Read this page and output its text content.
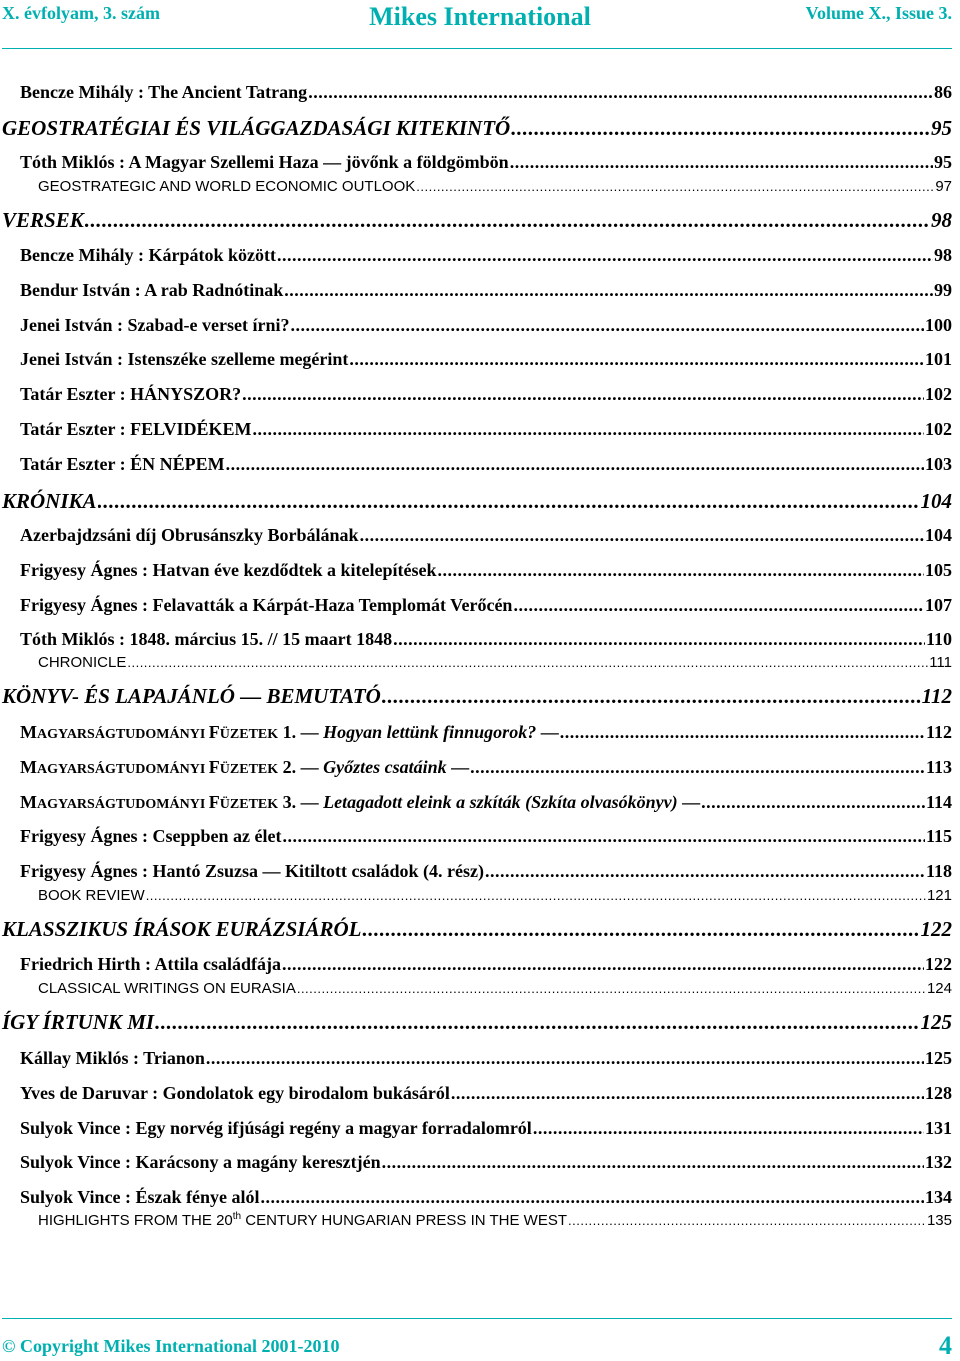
X. évfolyam, 3. szám	Mikes International	Volume X., Issue 3.
Bencze Mihály : The Ancient Tatrang .....	86
GEOSTRATÉGIAI ÉS VILÁGGAZDASÁGI KITEKINTŐ .....	95
Tóth Miklós : A Magyar Szellemi Haza — jövőnk a földgömbön .....	95
GEOSTRATEGIC AND WORLD ECONOMIC OUTLOOK .....	97
VERSEK .....	98
Bencze Mihály : Kárpátok között .....	98
Bendur István : A rab Radnótinak .....	99
Jenei István : Szabad-e verset írni? .....	100
Jenei István : Istenszéke szelleme megérint .....	101
Tatár Eszter : HÁNYSZOR? .....	102
Tatár Eszter : FELVIDÉKEM .....	102
Tatár Eszter : ÉN NÉPEM .....	103
KRÓNIKA .....	104
Azerbajdzsáni díj Obrusánszky Borbálának .....	104
Frigyesy Ágnes : Hatvan éve kezdődtek a kitelepítések .....	105
Frigyesy Ágnes : Felavatták a Kárpát-Haza Templomát Verőcén .....	107
Tóth Miklós : 1848. március 15. // 15 maart 1848 .....	110
CHRONICLE .....	111
KÖNYV- ÉS LAPAJÁNLÓ — BEMUTATÓ .....	112
MAGYARSÁGTUDOMÁNYI FÜZETEK 1. — Hogyan lettünk finnugorok? — .....	112
MAGYARSÁGTUDOMÁNYI FÜZETEK 2. — Győztes csatáink — .....	113
MAGYARSÁGTUDOMÁNYI FÜZETEK 3. — Letagadott eleink a szkíták (Szkíta olvasókönyv) — .....	114
Frigyesy Ágnes : Cseppben az élet .....	115
Frigyesy Ágnes : Hantó Zsuzsa — Kitiltott családok (4. rész) .....	118
BOOK REVIEW .....	121
KLASSZIKUS ÍRÁSOK EURÁZSIÁRÓL .....	122
Friedrich Hirth : Attila családfája .....	122
CLASSICAL WRITINGS ON EURASIA .....	124
ÍGY ÍRTUNK MI .....	125
Kállay Miklós : Trianon .....	125
Yves de Daruvar : Gondolatok egy birodalom bukásáról .....	128
Sulyok Vince : Egy norvég ifjúsági regény a magyar forradalomról .....	131
Sulyok Vince : Karácsony a magány keresztjén .....	132
Sulyok Vince : Észak fénye alól .....	134
HIGHLIGHTS FROM THE 20th CENTURY HUNGARIAN PRESS IN THE WEST .....	135
© Copyright Mikes International 2001-2010	4
